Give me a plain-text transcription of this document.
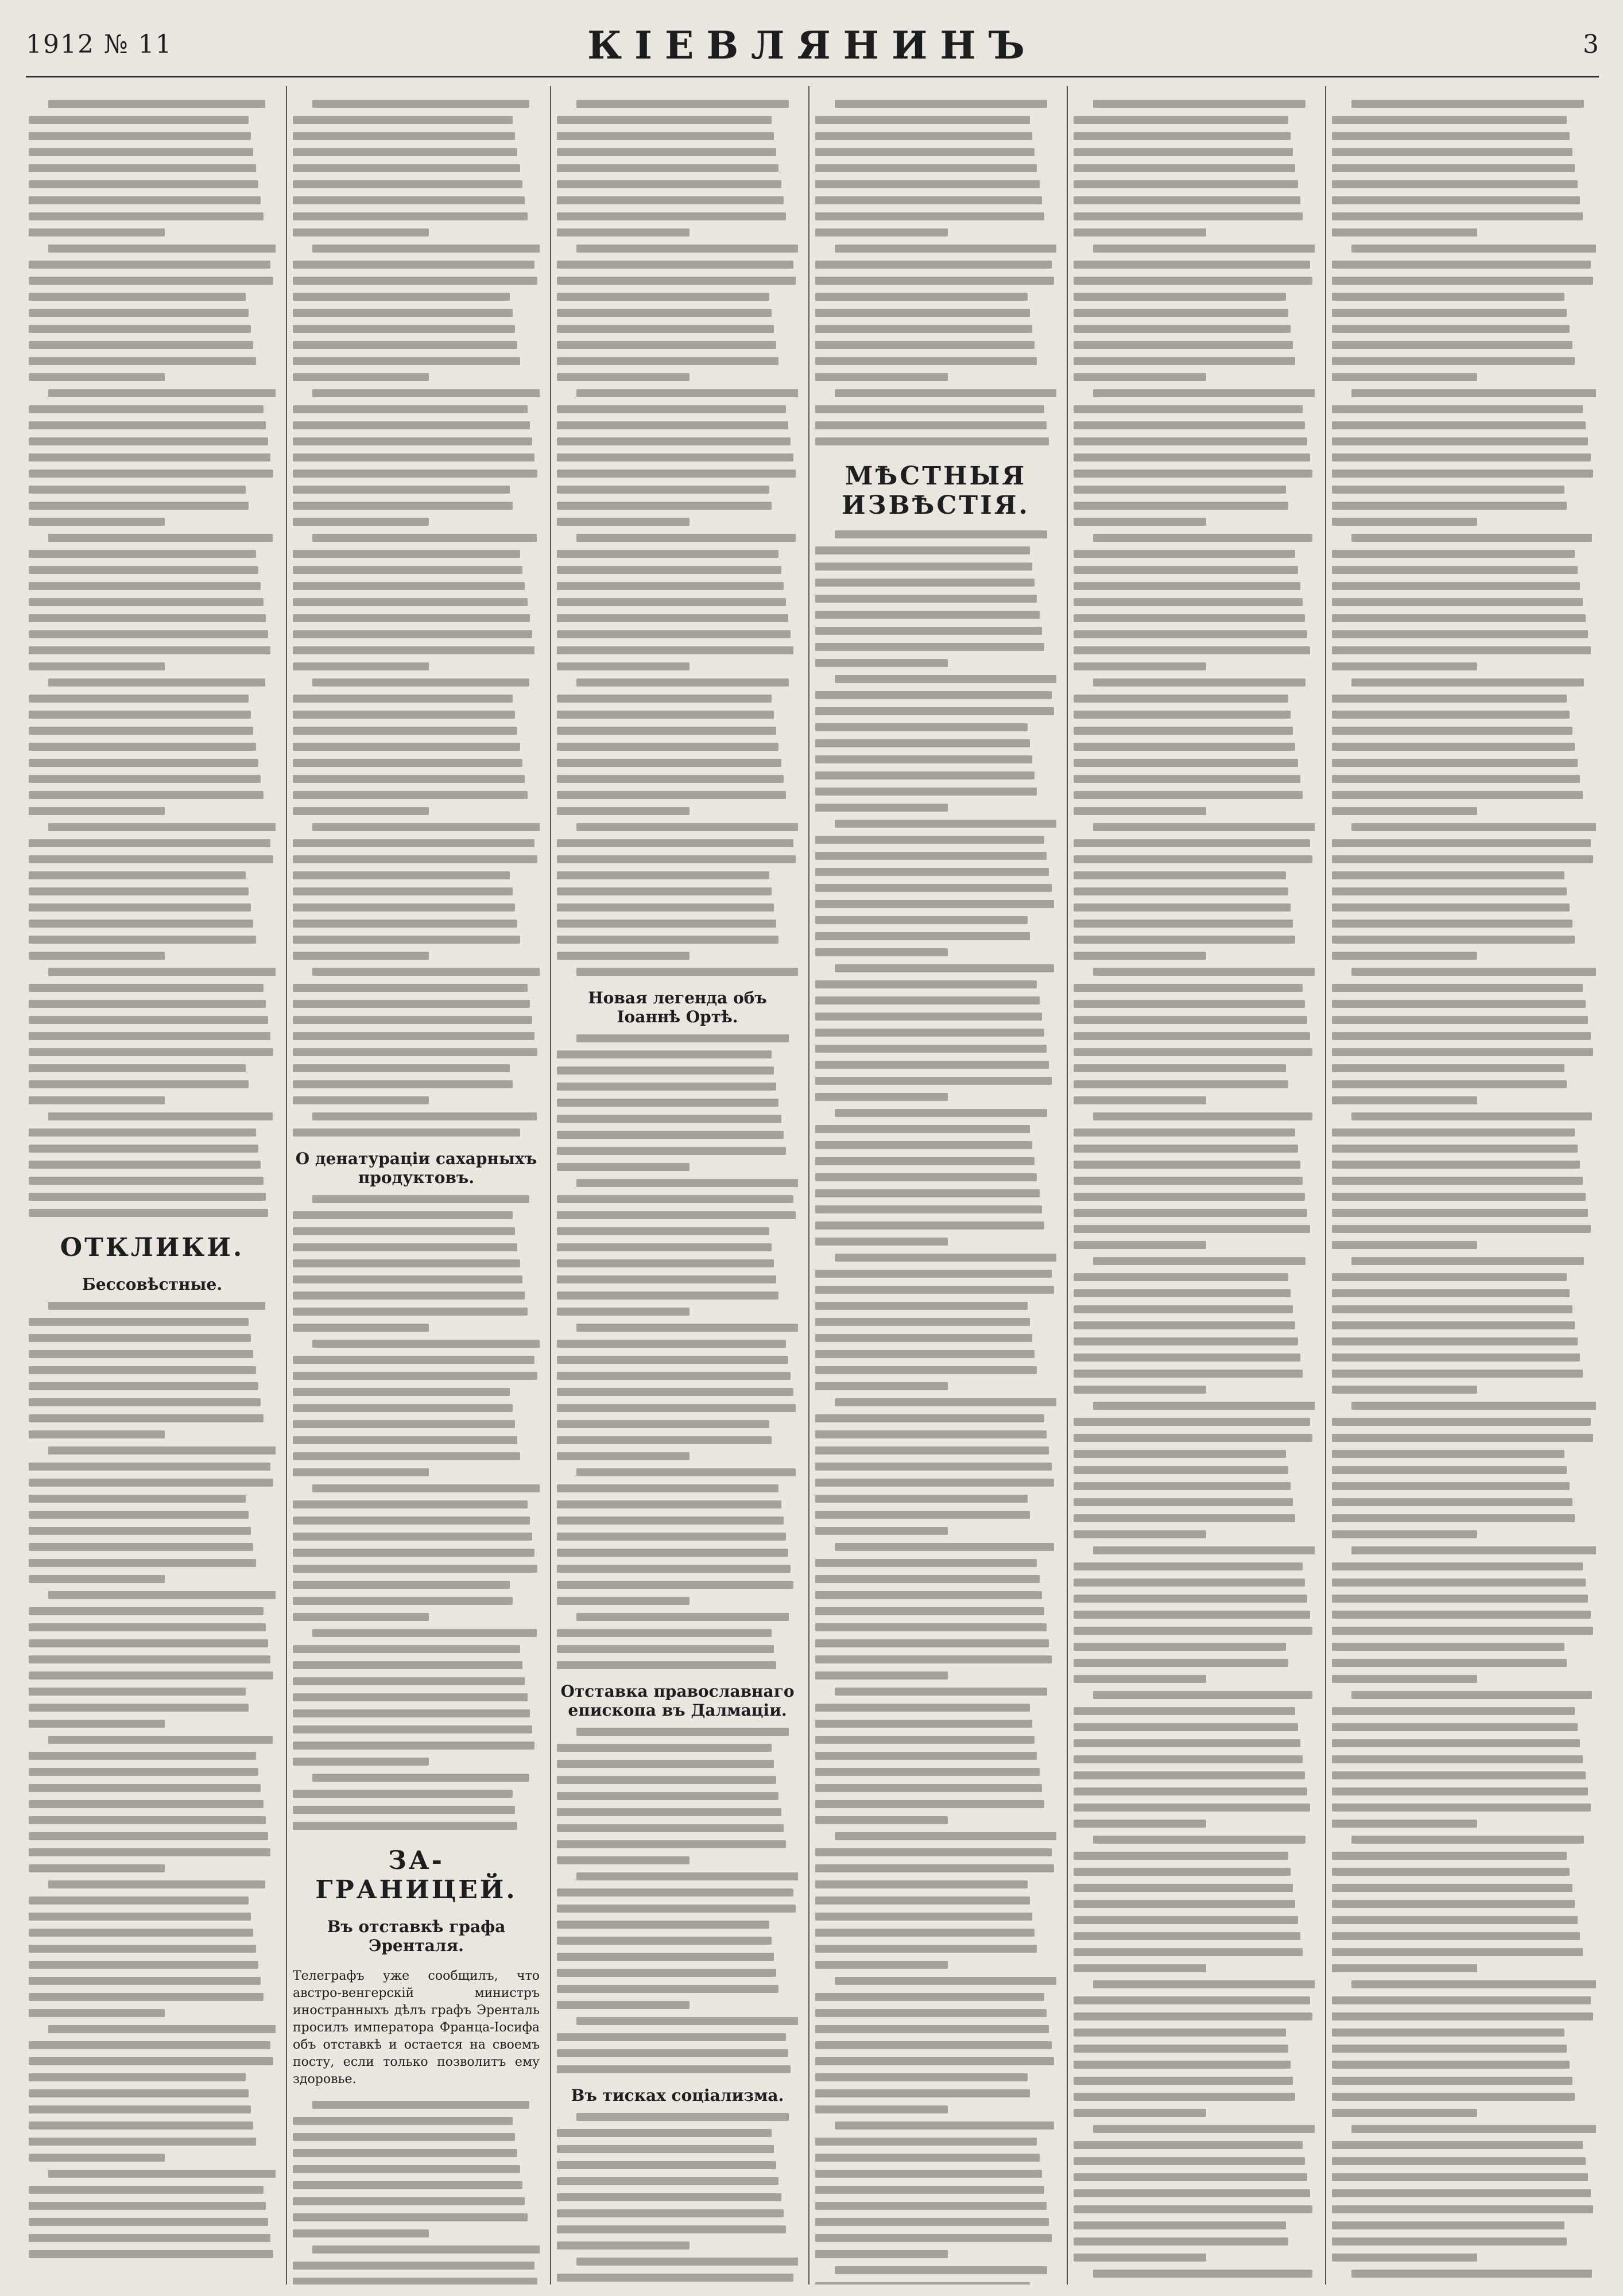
1912 № 11	КІЕВЛЯНИНЪ	3
ОТКЛИКИ.
Бессовѣстные.
О денатураціи сахарныхъ продуктовъ.
ЗА-ГРАНИЦЕЙ.
Въ отставкѣ графа Эренталя.

Телеграфъ уже сообщилъ, что австро-венгерскій министръ иностранныхъ дѣлъ графъ Эренталь просилъ императора Франца-Іосифа объ отставкѣ и остается на своемъ посту, если только позволитъ ему здоровье.

Новая легенда объ Іоаннѣ Ортѣ.
Отставка православнаго епископа въ Далмаціи.
Въ тисках соціализма.
МѢСТНЫЯ ИЗВѢСТІЯ.
